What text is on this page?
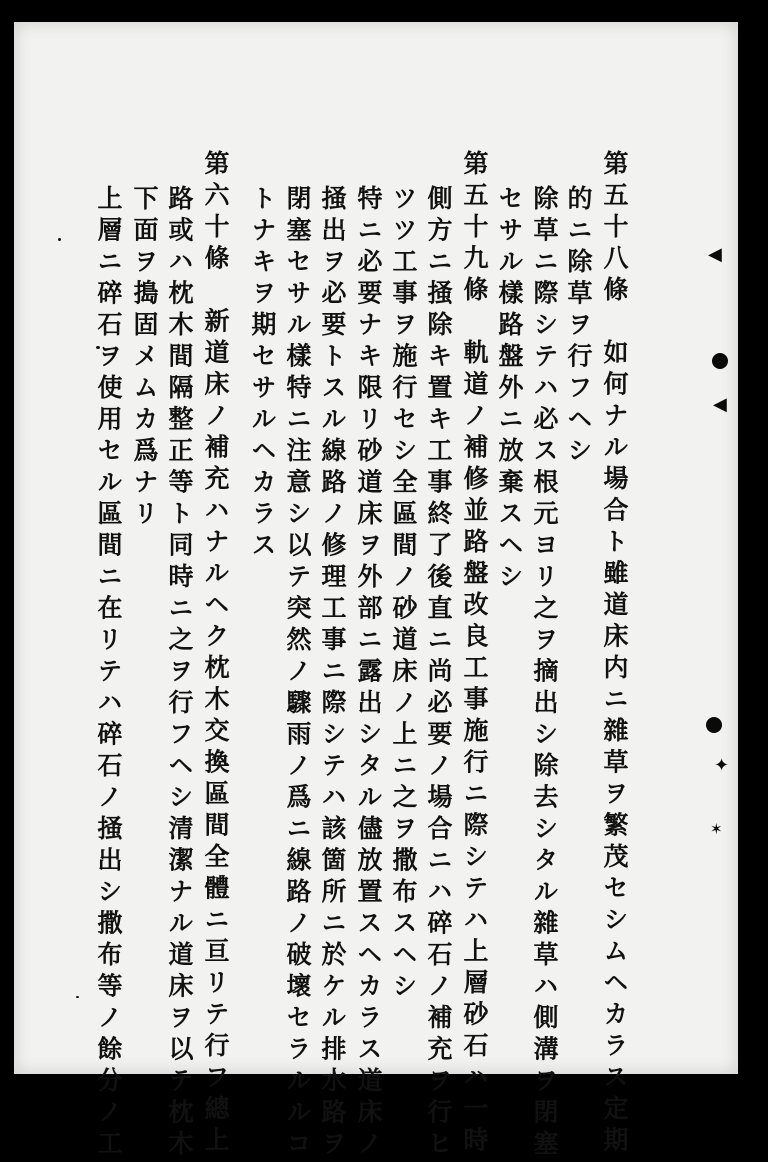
◀
◀
✦
✶
第五十八條　如何ナル場合ト雖道床内ニ雜草ヲ繁茂セシムヘカラス定期
的ニ除草ヲ行フヘシ
除草ニ際シテハ必ス根元ヨリ之ヲ摘出シ除去シタル雜草ハ側溝ヲ閉塞
セサル樣路盤外ニ放棄スヘシ
第五十九條　軌道ノ補修並路盤改良工事施行ニ際シテハ上層砂石ハ一時
側方ニ掻除キ置キ工事終了後直ニ尚必要ノ場合ニハ碎石ノ補充ヲ行ヒ
ツツ工事ヲ施行セシ全區間ノ砂道床ノ上ニ之ヲ撒布スヘシ
特ニ必要ナキ限リ砂道床ヲ外部ニ露出シタル儘放置スヘカラス道床ノ
掻出ヲ必要トスル線路ノ修理工事ニ際シテハ該箇所ニ於ケル排水路ヲ
閉塞セサル樣特ニ注意シ以テ突然ノ驟雨ノ爲ニ線路ノ破壞セラルルコ
トナキヲ期セサルヘカラス
第六十條　新道床ノ補充ハナルヘク枕木交換區間全體ニ亘リテ行フ總上
路或ハ枕木間隔整正等ト同時ニ之ヲ行フヘシ清潔ナル道床ヲ以テ枕木
下面ヲ搗固メムカ爲ナリ
上層ニ碎石ヲ使用セル區間ニ在リテハ碎石ノ掻出シ撒布等ノ餘分ノ工
